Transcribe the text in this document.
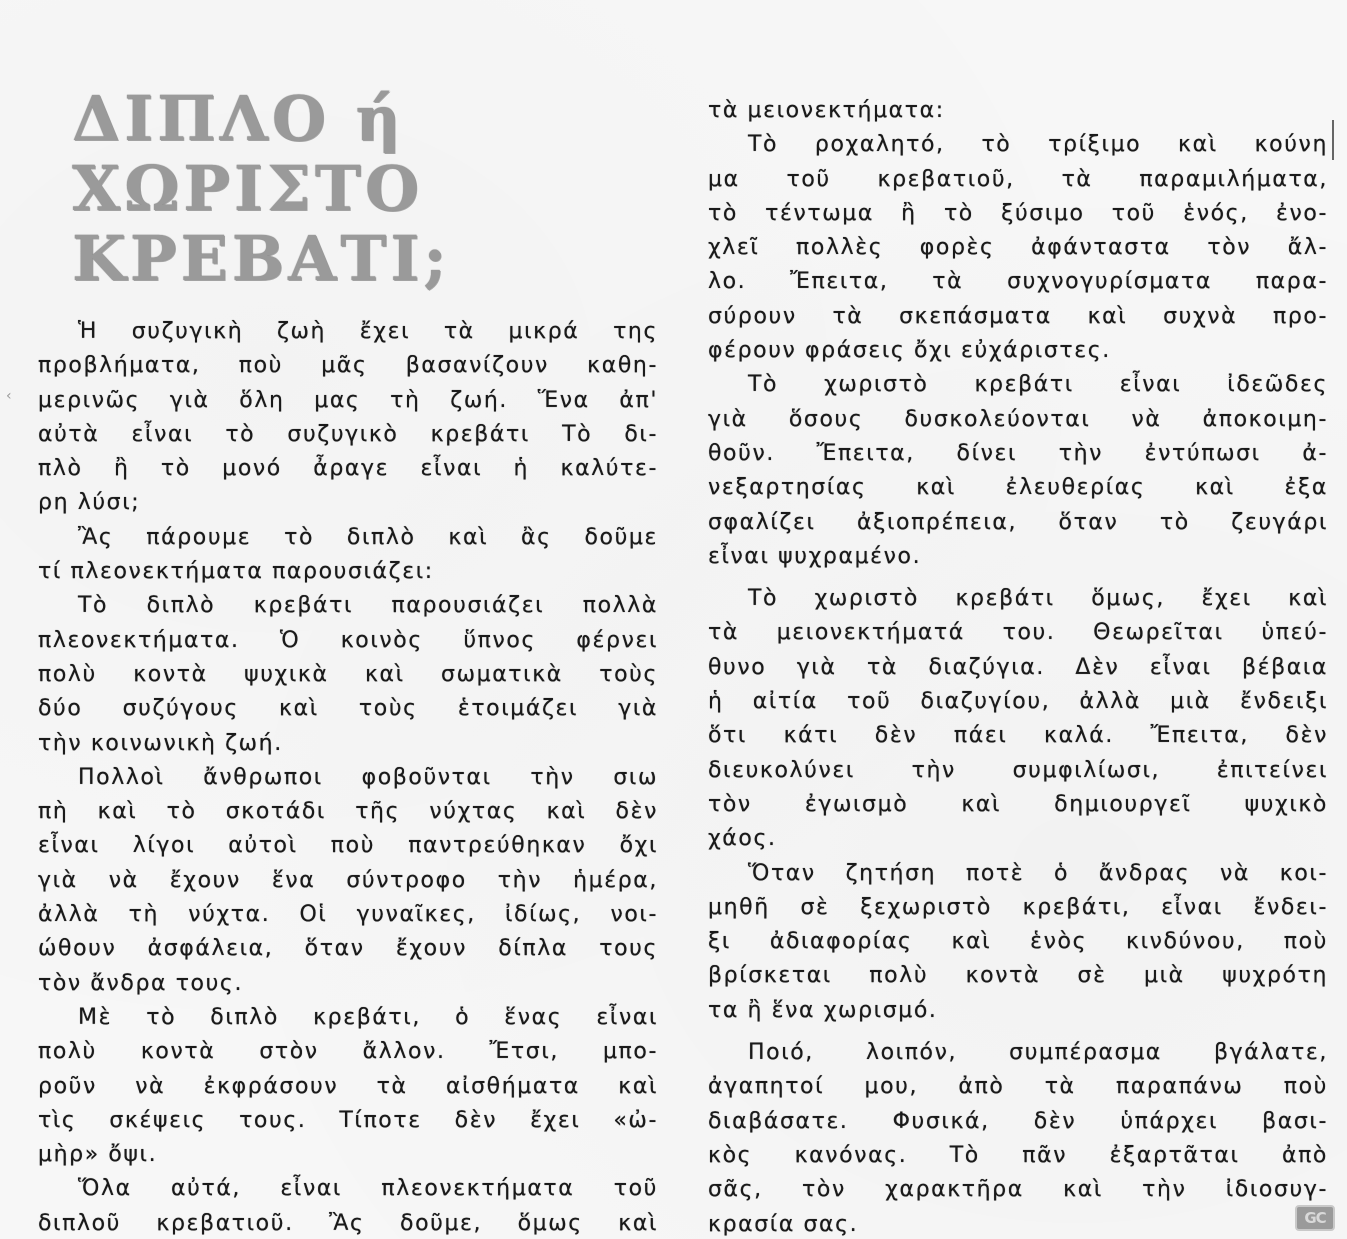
ΔΙΠΛΟ ή
ΧΩΡΙΣΤΟ
ΚΡΕΒΑΤΙ;
‹
Ἡ συζυγικὴ ζωὴ ἔχει τὰ μικρά της
προβλήματα, ποὺ μᾶς βασανίζουν καθη-
μερινῶς γιὰ ὅλη μας τὴ ζωή. Ἕνα ἀπ'
αὐτὰ εἶναι τὸ συζυγικὸ κρεβάτι Τὸ δι-
πλὸ ἢ τὸ μονό ἆραγε εἶναι ἡ καλύτε-
ρη λύσι;
Ἂς πάρουμε τὸ διπλὸ καὶ ἂς δοῦμε
τί πλεονεκτήματα παρουσιάζει:
Τὸ διπλὸ κρεβάτι παρουσιάζει πολλὰ
πλεονεκτήματα. Ὁ κοινὸς ὕπνος φέρνει
πολὺ κοντὰ ψυχικὰ καὶ σωματικὰ τοὺς
δύο συζύγους καὶ τοὺς ἑτοιμάζει γιὰ
τὴν κοινωνικὴ ζωή.
Πολλοὶ ἄνθρωποι φοβοῦνται τὴν σιω
πὴ καὶ τὸ σκοτάδι τῆς νύχτας καὶ δὲν
εἶναι λίγοι αὐτοὶ ποὺ παντρεύθηκαν ὄχι
γιὰ νὰ ἔχουν ἕνα σύντροφο τὴν ἡμέρα,
ἀλλὰ τὴ νύχτα. Οἱ γυναῖκες, ἰδίως, νοι-
ώθουν ἀσφάλεια, ὅταν ἔχουν δίπλα τους
τὸν ἄνδρα τους.
Μὲ τὸ διπλὸ κρεβάτι, ὁ ἕνας εἶναι
πολὺ κοντὰ στὸν ἄλλον. Ἔτσι, μπο-
ροῦν νὰ ἐκφράσουν τὰ αἰσθήματα καὶ
τὶς σκέψεις τους. Τίποτε δὲν ἔχει «ὠ-
μὴρ» ὄψι.
Ὅλα αὐτά, εἶναι πλεονεκτήματα τοῦ
διπλοῦ κρεβατιοῦ. Ἂς δοῦμε, ὅμως καὶ
τὰ μειονεκτήματα:
Τὸ ροχαλητό, τὸ τρίξιμο καὶ κούνη
μα τοῦ κρεβατιοῦ, τὰ παραμιλήματα,
τὸ τέντωμα ἢ τὸ ξύσιμο τοῦ ἑνός, ἐνο-
χλεῖ πολλὲς φορὲς ἀφάνταστα τὸν ἄλ-
λο. Ἔπειτα, τὰ συχνογυρίσματα παρα-
σύρουν τὰ σκεπάσματα καὶ συχνὰ προ-
φέρουν φράσεις ὄχι εὐχάριστες.
Τὸ χωριστὸ κρεβάτι εἶναι ἰδεῶδες
γιὰ ὅσους δυσκολεύονται νὰ ἀποκοιμη-
θοῦν. Ἔπειτα, δίνει τὴν ἐντύπωσι ἀ-
νεξαρτησίας καὶ ἐλευθερίας καὶ ἐξα
σφαλίζει ἀξιοπρέπεια, ὅταν τὸ ζευγάρι
εἶναι ψυχραμένο.
Τὸ χωριστὸ κρεβάτι ὅμως, ἔχει καὶ
τὰ μειονεκτήματά του. Θεωρεῖται ὑπεύ-
θυνο γιὰ τὰ διαζύγια. Δὲν εἶναι βέβαια
ἡ αἰτία τοῦ διαζυγίου, ἀλλὰ μιὰ ἔνδειξι
ὅτι κάτι δὲν πάει καλά. Ἔπειτα, δὲν
διευκολύνει τὴν συμφιλίωσι, ἐπιτείνει
τὸν ἐγωισμὸ καὶ δημιουργεῖ ψυχικὸ
χάος.
Ὅταν ζητήση ποτὲ ὁ ἄνδρας νὰ κοι-
μηθῆ σὲ ξεχωριστὸ κρεβάτι, εἶναι ἔνδει-
ξι ἀδιαφορίας καὶ ἑνὸς κινδύνου, ποὺ
βρίσκεται πολὺ κοντὰ σὲ μιὰ ψυχρότη
τα ἢ ἕνα χωρισμό.
Ποιό, λοιπόν, συμπέρασμα βγάλατε,
ἀγαπητοί μου, ἀπὸ τὰ παραπάνω ποὺ
διαβάσατε. Φυσικά, δὲν ὑπάρχει βασι-
κὸς κανόνας. Τὸ πᾶν ἐξαρτᾶται ἀπὸ
σᾶς, τὸν χαρακτῆρα καὶ τὴν ἰδιοσυγ-
κρασία σας.	GC
